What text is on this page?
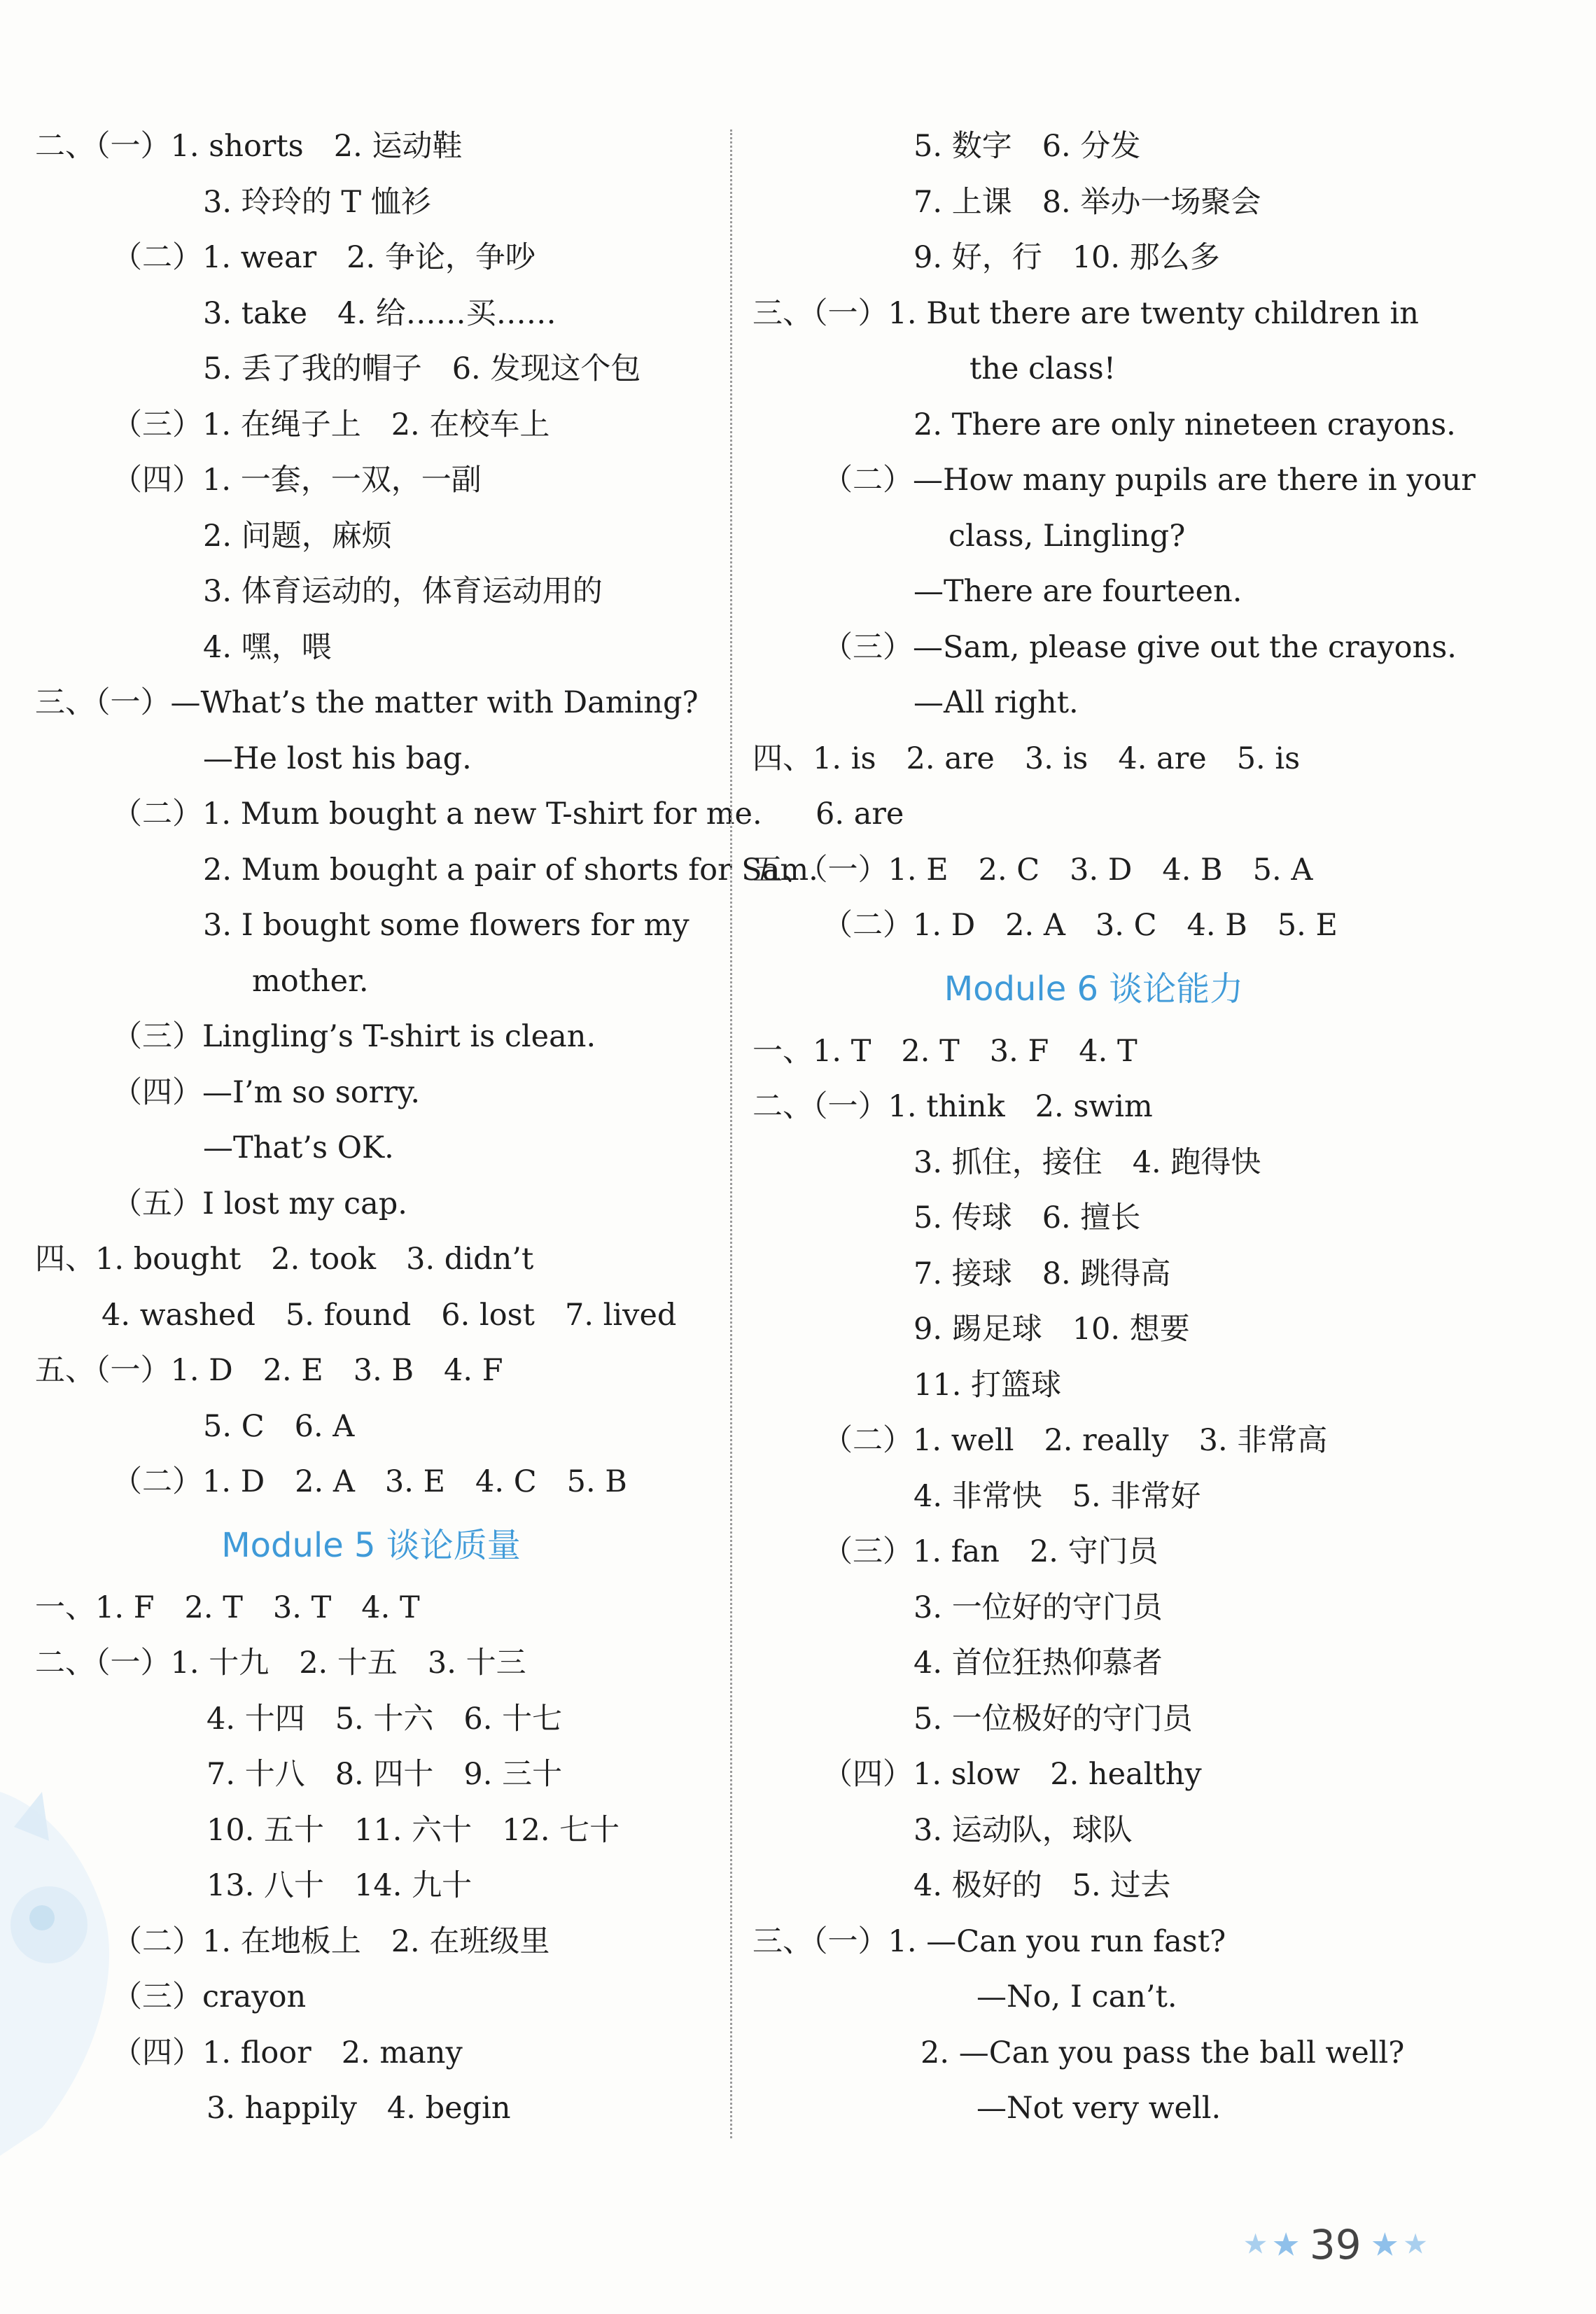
二、（一）1. shorts　2. 运动鞋
3. 玲玲的 T 恤衫
（二）1. wear　2. 争论，争吵
3. take　4. 给……买……
5. 丢了我的帽子　6. 发现这个包
（三）1. 在绳子上　2. 在校车上
（四）1. 一套，一双，一副
2. 问题，麻烦
3. 体育运动的，体育运动用的
4. 嘿，喂
三、（一）—What’s the matter with Daming?
—He lost his bag.
（二）1. Mum bought a new T-shirt for me.
2. Mum bought a pair of shorts for Sam.
3. I bought some flowers for my
mother.
（三）Lingling’s T-shirt is clean.
（四）—I’m so sorry.
—That’s OK.
（五）I lost my cap.
四、1. bought　2. took　3. didn’t
4. washed　5. found　6. lost　7. lived
五、（一）1. D　2. E　3. B　4. F
5. C　6. A
（二）1. D　2. A　3. E　4. C　5. B
Module 5 谈论质量
一、1. F　2. T　3. T　4. T
二、（一）1. 十九　2. 十五　3. 十三
4. 十四　5. 十六　6. 十七
7. 十八　8. 四十　9. 三十
10. 五十　11. 六十　12. 七十
13. 八十　14. 九十
（二）1. 在地板上　2. 在班级里
（三）crayon
（四）1. floor　2. many
3. happily　4. begin
5. 数字　6. 分发
7. 上课　8. 举办一场聚会
9. 好，行　10. 那么多
三、（一）1. But there are twenty children in
the class!
2. There are only nineteen crayons.
（二）—How many pupils are there in your
class, Lingling?
—There are fourteen.
（三）—Sam, please give out the crayons.
—All right.
四、1. is　2. are　3. is　4. are　5. is
6. are
五、（一）1. E　2. C　3. D　4. B　5. A
（二）1. D　2. A　3. C　4. B　5. E
Module 6 谈论能力
一、1. T　2. T　3. F　4. T
二、（一）1. think　2. swim
3. 抓住，接住　4. 跑得快
5. 传球　6. 擅长
7. 接球　8. 跳得高
9. 踢足球　10. 想要
11. 打篮球
（二）1. well　2. really　3. 非常高
4. 非常快　5. 非常好
（三）1. fan　2. 守门员
3. 一位好的守门员
4. 首位狂热仰慕者
5. 一位极好的守门员
（四）1. slow　2. healthy
3. 运动队，球队
4. 极好的　5. 过去
三、（一）1. —Can you run fast?
—No, I can’t.
2. —Can you pass the ball well?
—Not very well.
★ ★ 39 ★ ★
